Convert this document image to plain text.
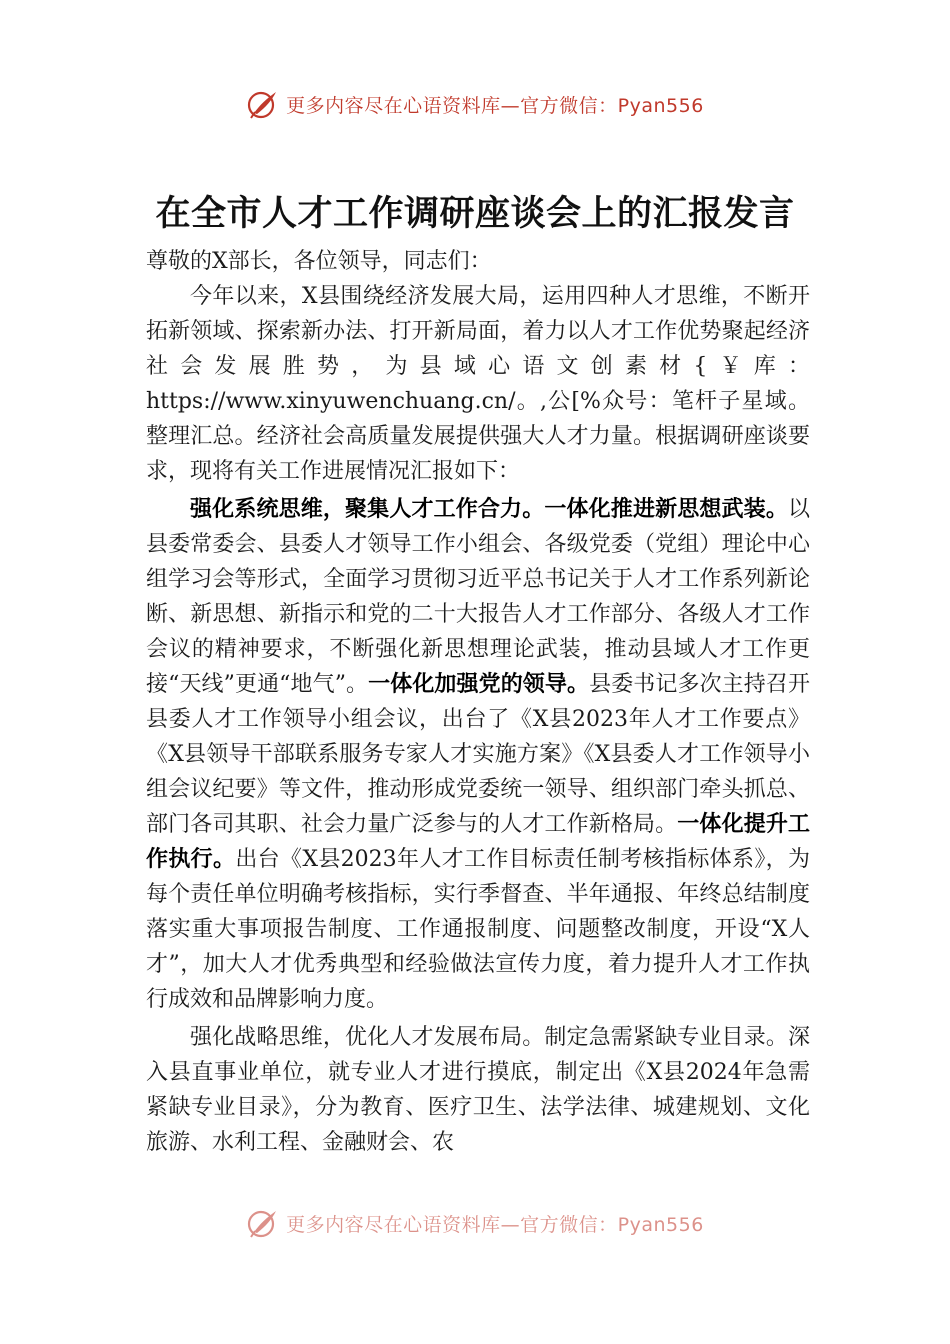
更多内容尽在心语资料库—官方微信：Pyan556
在全市人才工作调研座谈会上的汇报发言

尊敬的X部长，各位领导，同志们：

今年以来，X县围绕经济发展大局，运用四种人才思维，不断开拓新领域、探索新办法、打开新局面，着力以人才工作优势聚起经济社会发展胜势，为县域心语文创素材{￥库：https://www.xinyuwenchuang.cn/。,公[%众号：笔杆子星域。整理汇总。经济社会高质量发展提供强大人才力量。根据调研座谈要求，现将有关工作进展情况汇报如下：

强化系统思维，聚集人才工作合力。一体化推进新思想武装。以县委常委会、县委人才领导工作小组会、各级党委（党组）理论中心组学习会等形式，全面学习贯彻习近平总书记关于人才工作系列新论断、新思想、新指示和党的二十大报告人才工作部分、各级人才工作会议的精神要求，不断强化新思想理论武装，推动县域人才工作更接“天线”更通“地气”。一体化加强党的领导。县委书记多次主持召开县委人才工作领导小组会议，出台了《X县2023年人才工作要点》《X县领导干部联系服务专家人才实施方案》《X县委人才工作领导小组会议纪要》等文件，推动形成党委统一领导、组织部门牵头抓总、部门各司其职、社会力量广泛参与的人才工作新格局。一体化提升工作执行。出台《X县2023年人才工作目标责任制考核指标体系》，为每个责任单位明确考核指标，实行季督查、半年通报、年终总结制度落实重大事项报告制度、工作通报制度、问题整改制度，开设“X人才”，加大人才优秀典型和经验做法宣传力度，着力提升人才工作执行成效和品牌影响力度。

强化战略思维，优化人才发展布局。制定急需紧缺专业目录。深入县直事业单位，就专业人才进行摸底，制定出《X县2024年急需紧缺专业目录》，分为教育、医疗卫生、法学法律、城建规划、文化旅游、水利工程、金融财会、农

更多内容尽在心语资料库—官方微信：Pyan556
